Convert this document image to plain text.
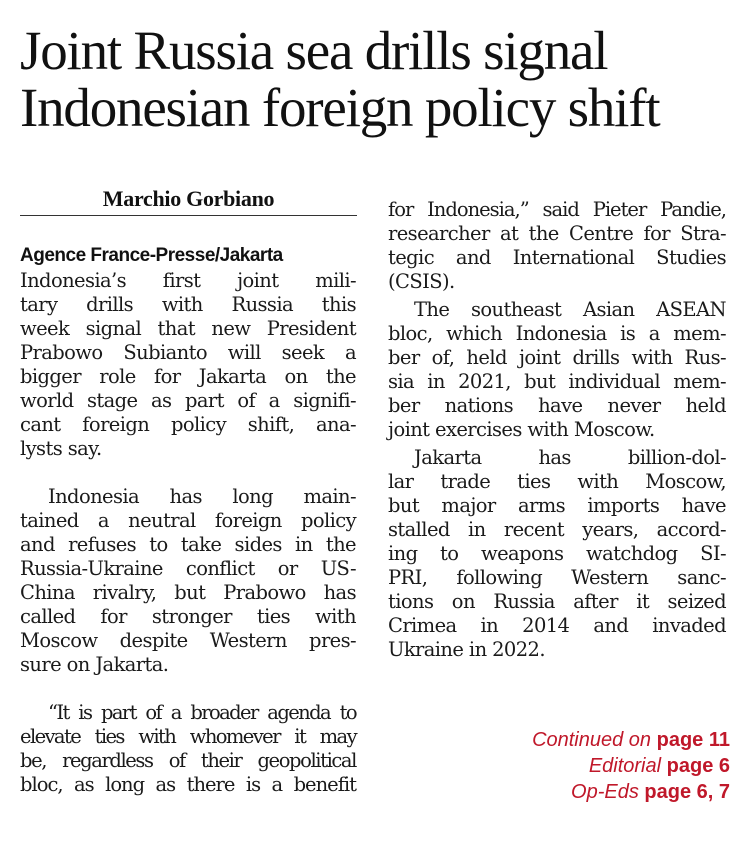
Joint Russia sea drills signal
Indonesian foreign policy shift
Marchio Gorbiano
Agence France-Presse/Jakarta
Indonesia’s first joint mili-
tary drills with Russia this
week signal that new President
Prabowo Subianto will seek a
bigger role for Jakarta on the
world stage as part of a signifi-
cant foreign policy shift, ana-
lysts say.
Indonesia has long main-
tained a neutral foreign policy
and refuses to take sides in the
Russia-Ukraine conflict or US-
China rivalry, but Prabowo has
called for stronger ties with
Moscow despite Western pres-
sure on Jakarta.
“It is part of a broader agenda to
elevate ties with whomever it may
be, regardless of their geopolitical
bloc, as long as there is a benefit
for Indonesia,” said Pieter Pandie,
researcher at the Centre for Stra-
tegic and International Studies
(CSIS).
The southeast Asian ASEAN
bloc, which Indonesia is a mem-
ber of, held joint drills with Rus-
sia in 2021, but individual mem-
ber nations have never held
joint exercises with Moscow.
Jakarta has billion-dol-
lar trade ties with Moscow,
but major arms imports have
stalled in recent years, accord-
ing to weapons watchdog SI-
PRI, following Western sanc-
tions on Russia after it seized
Crimea in 2014 and invaded
Ukraine in 2022.
Continued on page 11
Editorial page 6
Op-Eds page 6, 7
